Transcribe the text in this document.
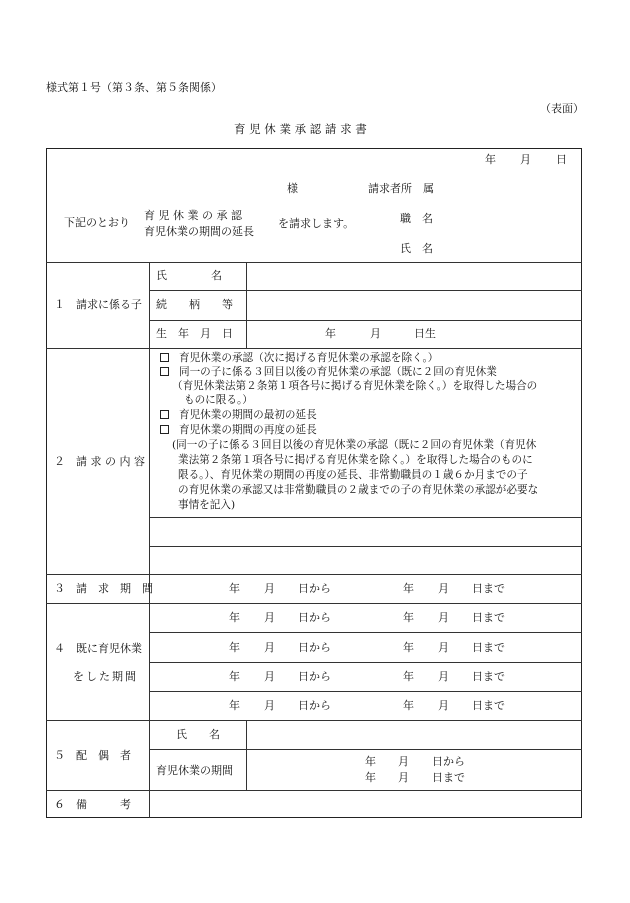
様式第１号（第３条、第５条関係）
（表面）
育 児 休 業 承 認 請 求 書
年 月 日
様	請求者所　属
職　名
氏　名
下記のとおり
育 児 休 業 の 承 認
育児休業の期間の延長
を請求します。
１　請求に係る子
氏　　　　名
続　　柄　　等
生　年　月　日	年	月	日生
２　請 求 の 内 容
育児休業の承認（次に掲げる育児休業の承認を除く。）
同一の子に係る３回目以後の育児休業の承認（既に２回の育児休業
（育児休業法第２条第１項各号に掲げる育児休業を除く。）を取得した場合の
ものに限る。）
育児休業の期間の最初の延長
育児休業の期間の再度の延長
(同一の子に係る３回目以後の育児休業の承認（既に２回の育児休業（育児休
業法第２条第１項各号に掲げる育児休業を除く。）を取得した場合のものに
限る。）、育児休業の期間の再度の延長、非常勤職員の１歳６か月までの子
の育児休業の承認又は非常勤職員の２歳までの子の育児休業の承認が必要な
事情を記入)
３　請　求　期　間	年 月 日から	年 月 日まで
４　既に育児休業
をした期間
年 月 日から	年 月 日まで
年 月 日から	年 月 日まで
年 月 日から	年 月 日まで
年 月 日から	年 月 日まで
５　配　偶　者
氏　　名
育児休業の期間
年 月 日から
年 月 日まで
６　備　　　考
